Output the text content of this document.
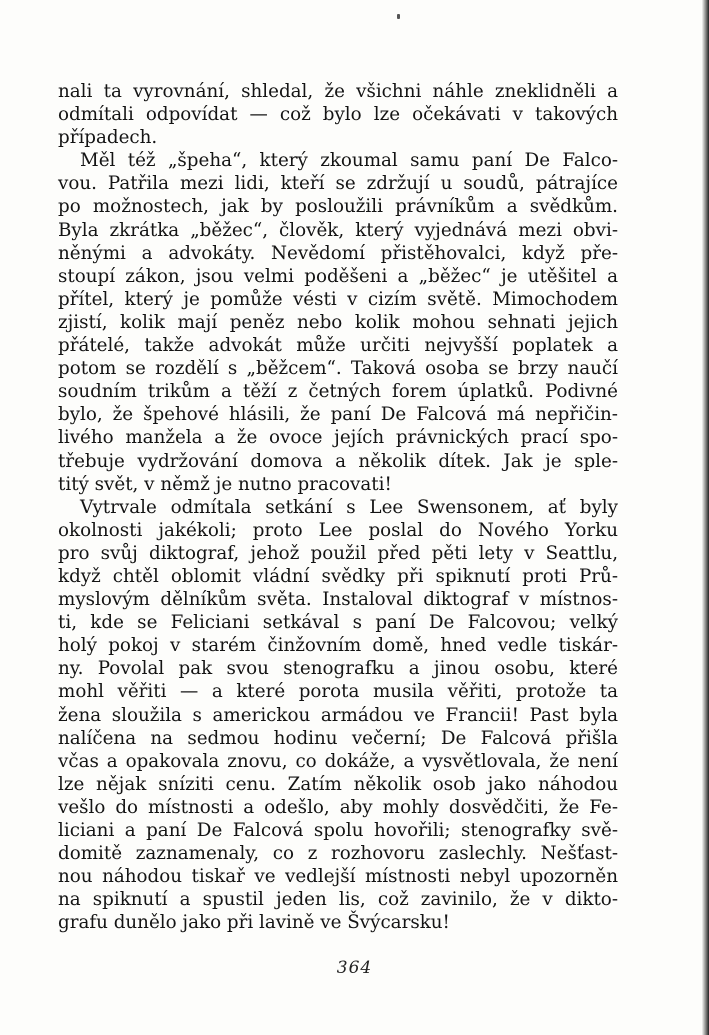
nali ta vyrovnání, shledal, že všichni náhle zneklidněli a
odmítali odpovídat — což bylo lze očekávati v takových
případech.
Měl též „špeha“, který zkoumal samu paní De Falco-
vou. Patřila mezi lidi, kteří se zdržují u soudů, pátrajíce
po možnostech, jak by posloužili právníkům a svědkům.
Byla zkrátka „běžec“, člověk, který vyjednává mezi obvi-
něnými a advokáty. Nevědomí přistěhovalci, když pře-
stoupí zákon, jsou velmi poděšeni a „běžec“ je utěšitel a
přítel, který je pomůže vésti v cizím světě. Mimochodem
zjistí, kolik mají peněz nebo kolik mohou sehnati jejich
přátelé, takže advokát může určiti nejvyšší poplatek a
potom se rozdělí s „běžcem“. Taková osoba se brzy naučí
soudním trikům a těží z četných forem úplatků. Podivné
bylo, že špehové hlásili, že paní De Falcová má nepřičin-
livého manžela a že ovoce jejích právnických prací spo-
třebuje vydržování domova a několik dítek. Jak je sple-
titý svět, v němž je nutno pracovati!
Vytrvale odmítala setkání s Lee Swensonem, ať byly
okolnosti jakékoli; proto Lee poslal do Nového Yorku
pro svůj diktograf, jehož použil před pěti lety v Seattlu,
když chtěl oblomit vládní svědky při spiknutí proti Prů-
myslovým dělníkům světa. Instaloval diktograf v místnos-
ti, kde se Feliciani setkával s paní De Falcovou; velký
holý pokoj v starém činžovním domě, hned vedle tiskár-
ny. Povolal pak svou stenografku a jinou osobu, které
mohl věřiti — a které porota musila věřiti, protože ta
žena sloužila s americkou armádou ve Francii! Past byla
nalíčena na sedmou hodinu večerní; De Falcová přišla
včas a opakovala znovu, co dokáže, a vysvětlovala, že není
lze nějak sníziti cenu. Zatím několik osob jako náhodou
vešlo do místnosti a odešlo, aby mohly dosvědčiti, že Fe-
liciani a paní De Falcová spolu hovořili; stenografky svě-
domitě zaznamenaly, co z rozhovoru zaslechly. Nešťast-
nou náhodou tiskař ve vedlejší místnosti nebyl upozorněn
na spiknutí a spustil jeden lis, což zavinilo, že v dikto-
grafu dunělo jako při lavině ve Švýcarsku!
364
